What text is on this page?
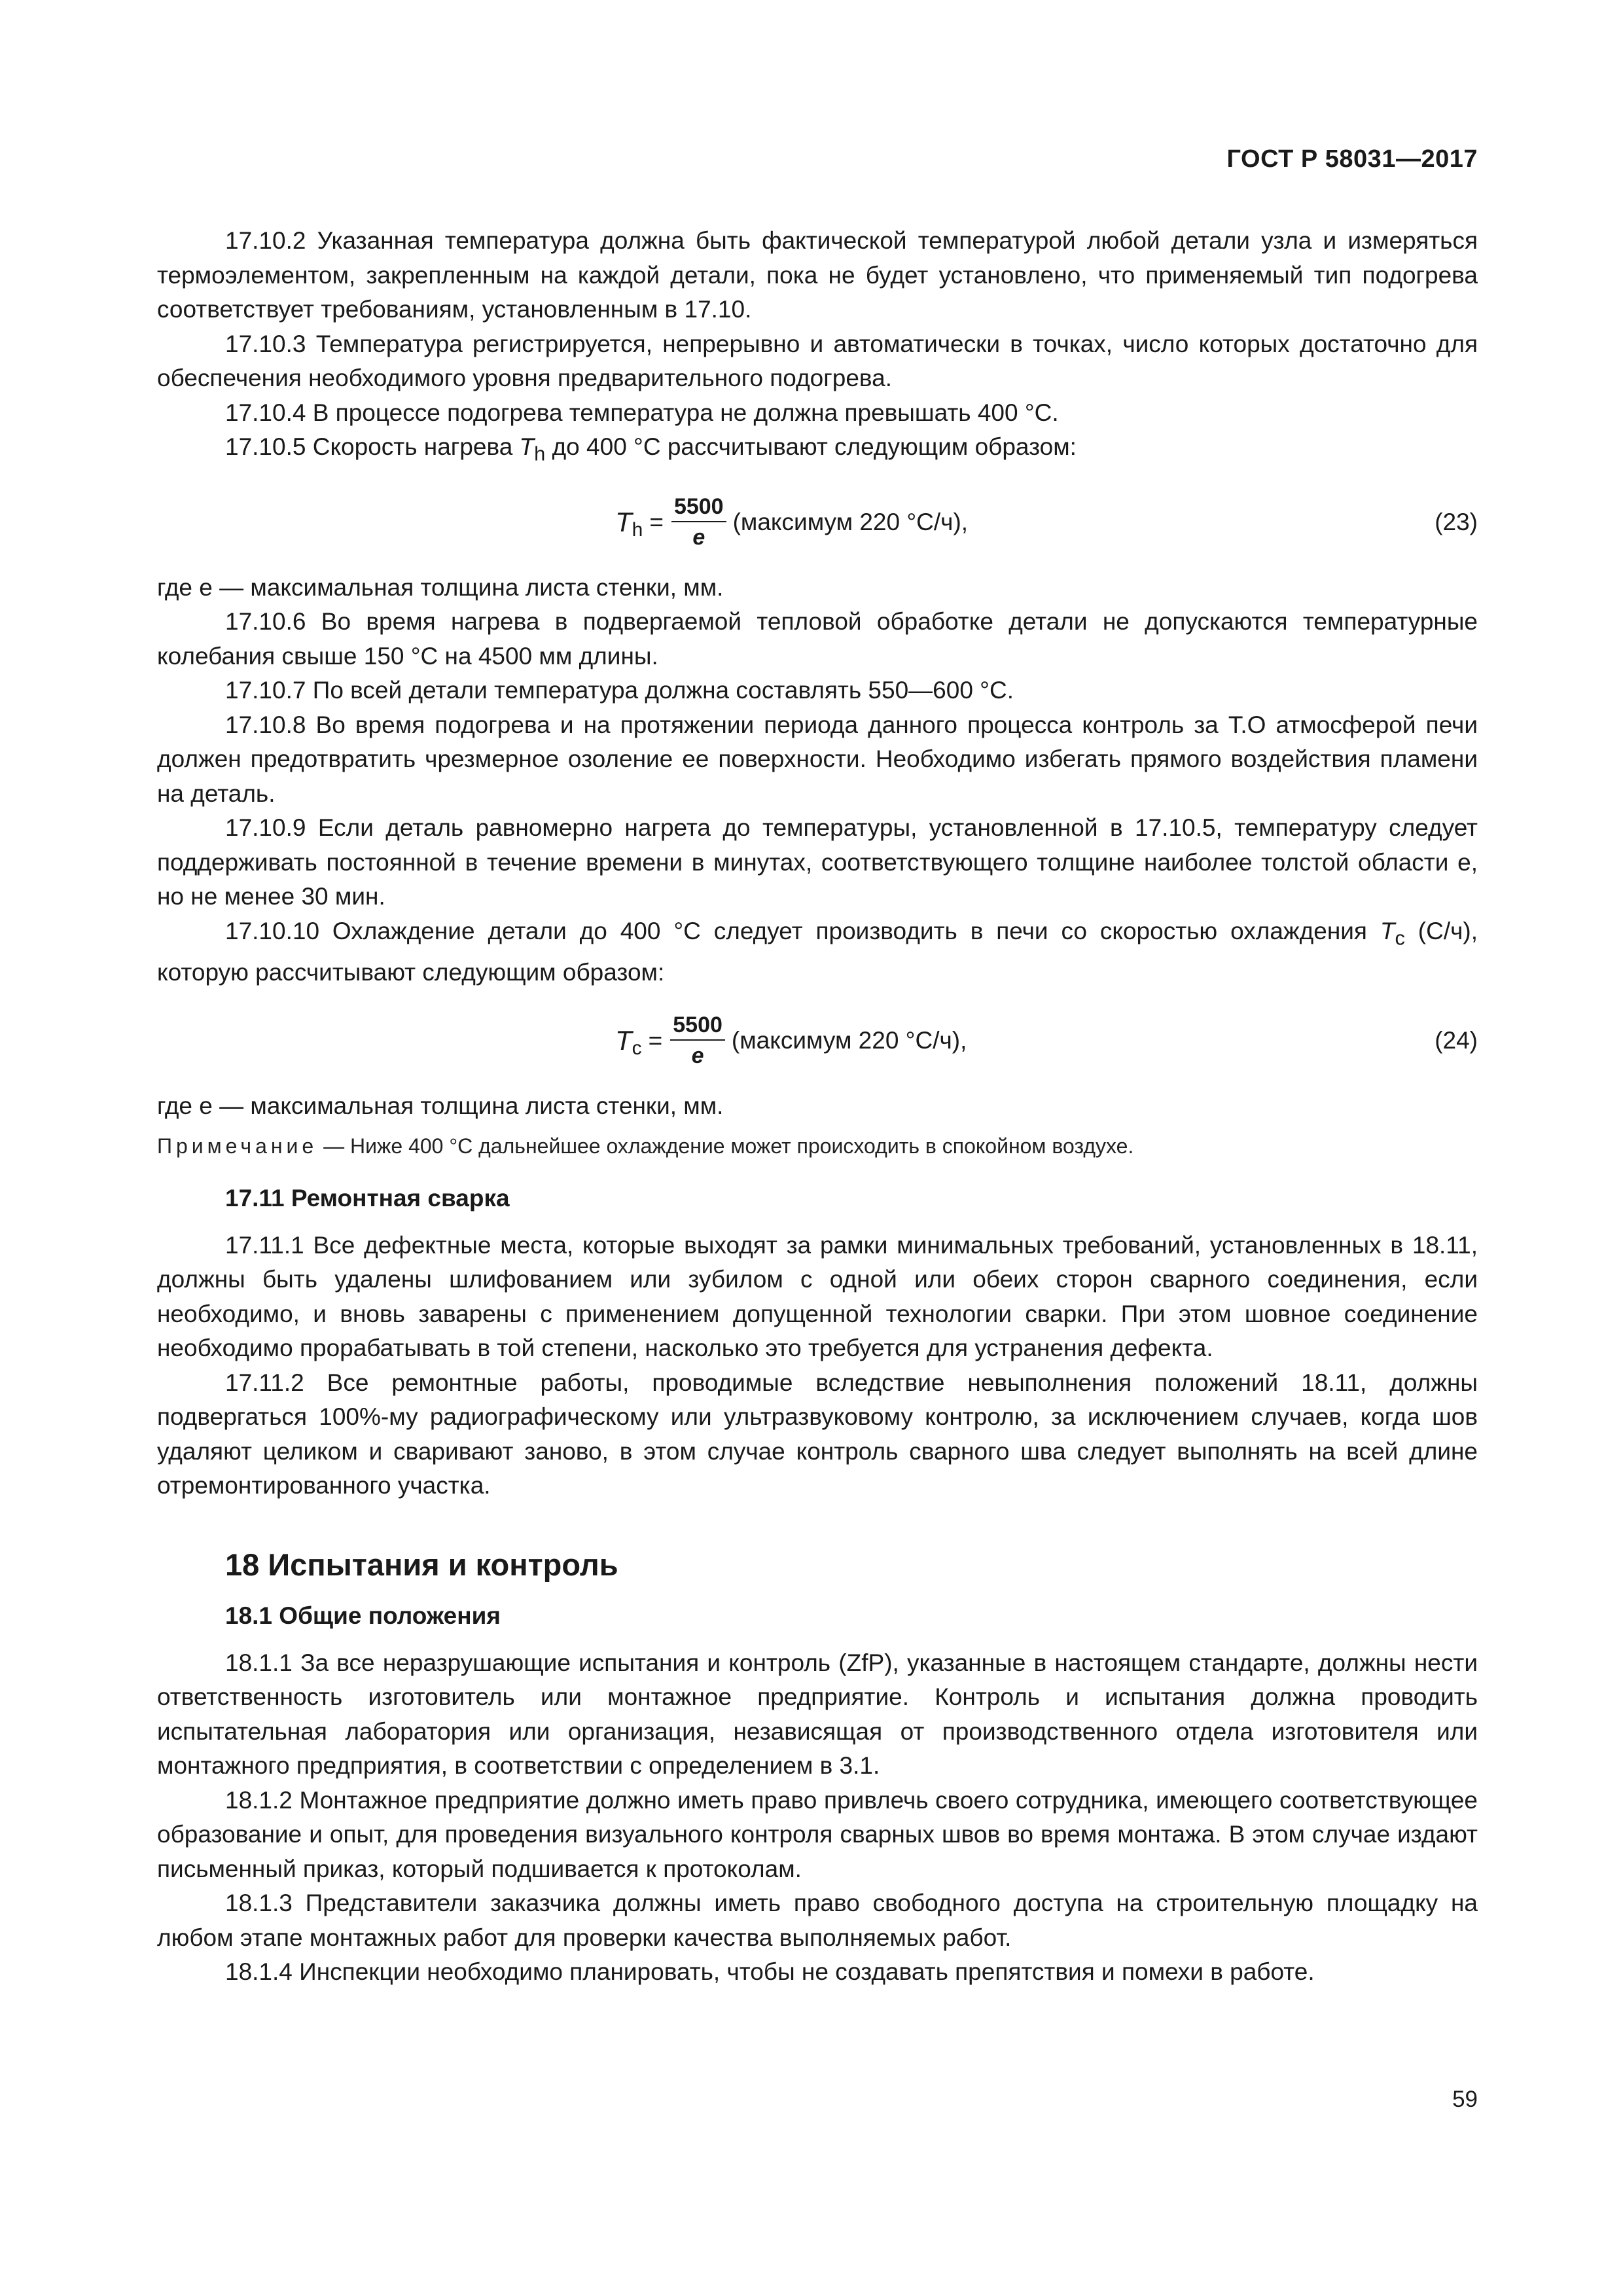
ГОСТ Р 58031—2017

17.10.2 Указанная температура должна быть фактической температурой любой детали узла и измеряться термоэлементом, закрепленным на каждой детали, пока не будет установлено, что применяемый тип подогрева соответствует требованиям, установленным в 17.10.

17.10.3 Температура регистрируется, непрерывно и автоматически в точках, число которых достаточно для обеспечения необходимого уровня предварительного подогрева.

17.10.4 В процессе подогрева температура не должна превышать 400 °С.

17.10.5 Скорость нагрева $T_h$ до 400 °С рассчитывают следующим образом:

T $h = \frac{5500}{e}$ (максимум 220 °С/ч),	(23)

где е — максимальная толщина листа стенки, мм.

17.10.6 Во время нагрева в подвергаемой тепловой обработке детали не допускаются температурные колебания свыше 150 °С на 4500 мм длины.

17.10.7 По всей детали температура должна составлять 550—600 °С.

17.10.8 Во время подогрева и на протяжении периода данного процесса контроль за Т.О атмосферой печи должен предотвратить чрезмерное озоление ее поверхности. Необходимо избегать прямого воздействия пламени на деталь.

17.10.9 Если деталь равномерно нагрета до температуры, установленной в 17.10.5, температуру следует поддерживать постоянной в течение времени в минутах, соответствующего толщине наиболее толстой области е, но не менее 30 мин.

17.10.10 Охлаждение детали до 400 °С следует производить в печи со скоростью охлаждения $T_c$ (С/ч), которую рассчитывают следующим образом:

T $c = \frac{5500}{e}$ (максимум 220 °С/ч),	(24)

где е — максимальная толщина листа стенки, мм.

Примечание — Ниже 400 °С дальнейшее охлаждение может происходить в спокойном воздухе.

17.11 Ремонтная сварка

17.11.1 Все дефектные места, которые выходят за рамки минимальных требований, установленных в 18.11, должны быть удалены шлифованием или зубилом с одной или обеих сторон сварного соединения, если необходимо, и вновь заварены с применением допущенной технологии сварки. При этом шовное соединение необходимо прорабатывать в той степени, насколько это требуется для устранения дефекта.

17.11.2 Все ремонтные работы, проводимые вследствие невыполнения положений 18.11, должны подвергаться 100%-му радиографическому или ультразвуковому контролю, за исключением случаев, когда шов удаляют целиком и сваривают заново, в этом случае контроль сварного шва следует выполнять на всей длине отремонтированного участка.

18 Испытания и контроль
18.1 Общие положения

18.1.1 За все неразрушающие испытания и контроль (ZfP), указанные в настоящем стандарте, должны нести ответственность изготовитель или монтажное предприятие. Контроль и испытания должна проводить испытательная лаборатория или организация, независящая от производственного отдела изготовителя или монтажного предприятия, в соответствии с определением в 3.1.

18.1.2 Монтажное предприятие должно иметь право привлечь своего сотрудника, имеющего соответствующее образование и опыт, для проведения визуального контроля сварных швов во время монтажа. В этом случае издают письменный приказ, который подшивается к протоколам.

18.1.3 Представители заказчика должны иметь право свободного доступа на строительную площадку на любом этапе монтажных работ для проверки качества выполняемых работ.

18.1.4 Инспекции необходимо планировать, чтобы не создавать препятствия и помехи в работе.

59
